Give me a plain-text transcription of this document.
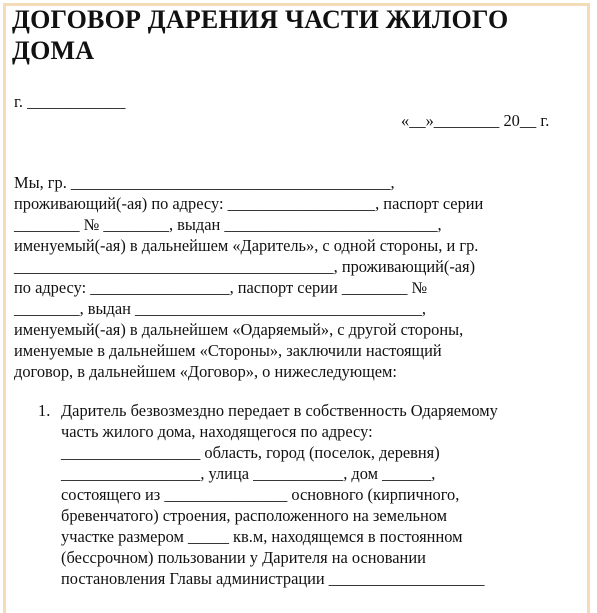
ДОГОВОР ДАРЕНИЯ ЧАСТИ ЖИЛОГО
ДОМА
г. ____________
«__»________ 20__ г.
Мы, гр. _______________________________________,
проживающий(-ая) по адресу: __________________, паспорт серии
________ № ________, выдан __________________________,
именуемый(-ая) в дальнейшем «Даритель», с одной стороны, и гр.
_______________________________________, проживающий(-ая)
по адресу: _________________, паспорт серии ________ №
________, выдан ___________________________________,
именуемый(-ая) в дальнейшем «Одаряемый», с другой стороны,
именуемые в дальнейшем «Стороны», заключили настоящий
договор, в дальнейшем «Договор», о нижеследующем:
1. Даритель безвозмездно передает в собственность Одаряемому
часть жилого дома, находящегося по адресу:
_________________ область, город (поселок, деревня)
_________________, улица ___________, дом ______,
состоящего из _______________ основного (кирпичного,
бревенчатого) строения, расположенного на земельном
участке размером _____ кв.м, находящемся в постоянном
(бессрочном) пользовании у Дарителя на основании
постановления Главы администрации ___________________
